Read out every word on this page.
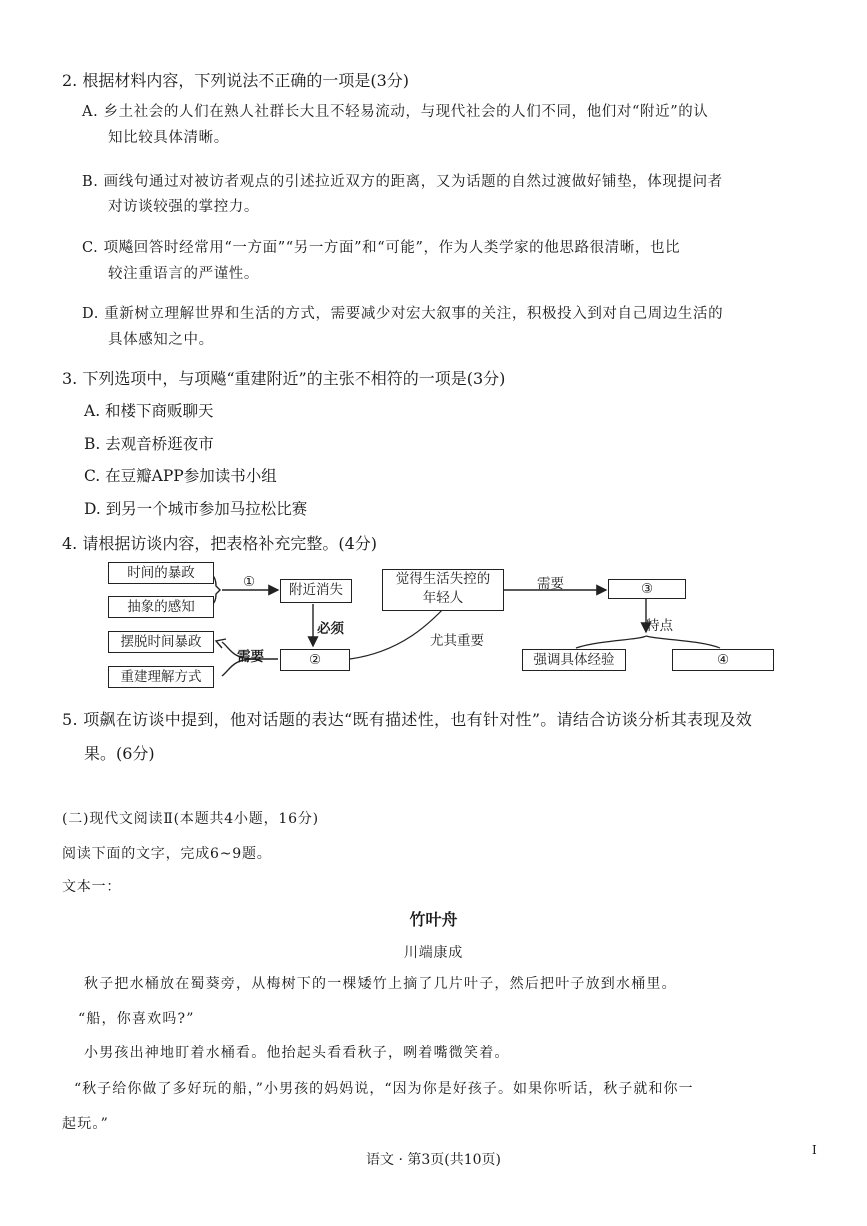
2. 根据材料内容，下列说法不正确的一项是(3分)
A. 乡土社会的人们在熟人社群长大且不轻易流动，与现代社会的人们不同，他们对“附近”的认
知比较具体清晰。
B. 画线句通过对被访者观点的引述拉近双方的距离，又为话题的自然过渡做好铺垫，体现提问者
对访谈较强的掌控力。
C. 项飚回答时经常用“一方面”“另一方面”和“可能”，作为人类学家的他思路很清晰，也比
较注重语言的严谨性。
D. 重新树立理解世界和生活的方式，需要减少对宏大叙事的关注，积极投入到对自己周边生活的
具体感知之中。
3. 下列选项中，与项飚“重建附近”的主张不相符的一项是(3分)
A. 和楼下商贩聊天
B. 去观音桥逛夜市
C. 在豆瓣APP参加读书小组
D. 到另一个城市参加马拉松比赛
4. 请根据访谈内容，把表格补充完整。(4分)
时间的暴政
抽象的感知
①	附近消失
必须
摆脱时间暴政
重建理解方式
需要	②
觉得生活失控的
年轻人
尤其重要
需要	③
特点
强调具体经验	④
5. 项飙在访谈中提到，他对话题的表达“既有描述性，也有针对性”。请结合访谈分析其表现及效
果。(6分)
(二)现代文阅读Ⅱ(本题共4小题，16分)
阅读下面的文字，完成6~9题。
文本一：
竹叶舟
川端康成
秋子把水桶放在蜀葵旁，从梅树下的一棵矮竹上摘了几片叶子，然后把叶子放到水桶里。
“船，你喜欢吗?”
小男孩出神地盯着水桶看。他抬起头看看秋子，咧着嘴微笑着。
“秋子给你做了多好玩的船，”小男孩的妈妈说，“因为你是好孩子。如果你听话，秋子就和你一
起玩。”
语文 · 第3页(共10页)
I
